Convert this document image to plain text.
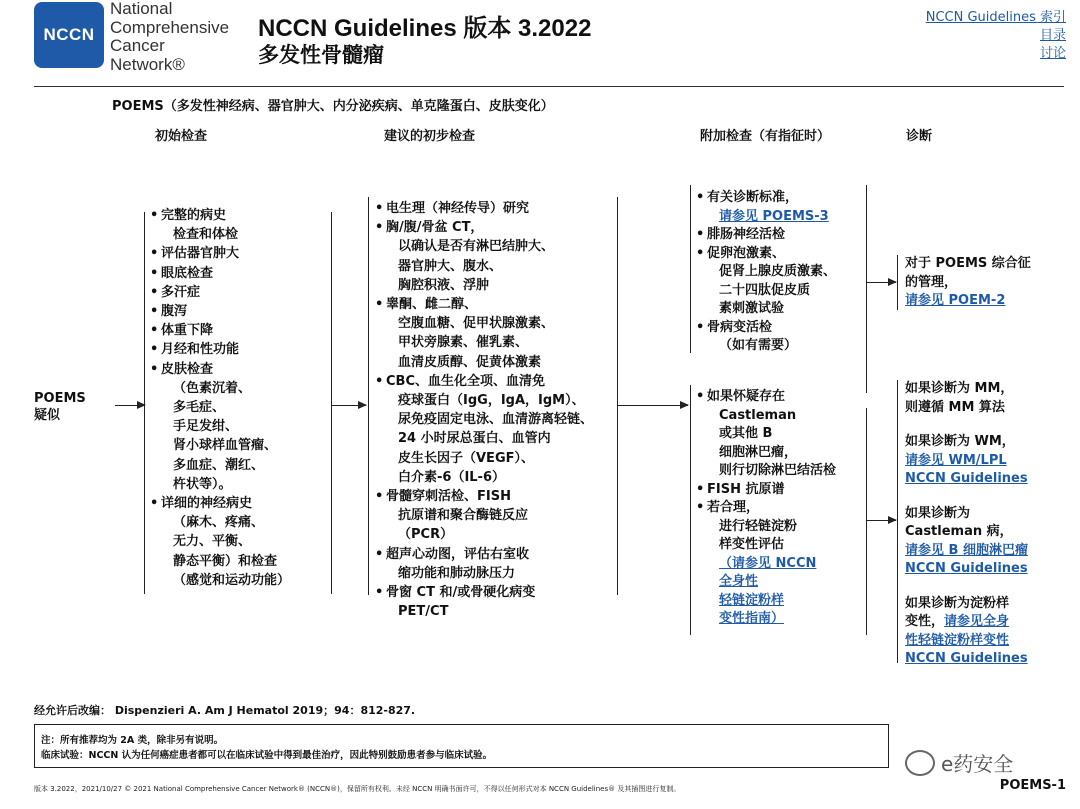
NCCN
National
Comprehensive
Cancer
Network®
NCCN Guidelines 版本 3.2022
多发性骨髓瘤
NCCN Guidelines 索引
目录
讨论
POEMS（多发性神经病、器官肿大、内分泌疾病、单克隆蛋白、皮肤变化）
初始检查	建议的初步检查	附加检查（有指征时）	诊断
POEMS
疑似
• 完整的病史
检查和体检
• 评估器官肿大
• 眼底检查
• 多汗症
• 腹泻
• 体重下降
• 月经和性功能
• 皮肤检查
（色素沉着、
多毛症、
手足发绀、
肾小球样血管瘤、
多血症、潮红、
杵状等）。
• 详细的神经病史
（麻木、疼痛、
无力、平衡、
静态平衡）和检查
（感觉和运动功能）
• 电生理（神经传导）研究
• 胸/腹/骨盆 CT，
以确认是否有淋巴结肿大、
器官肿大、腹水、
胸腔积液、浮肿
• 睾酮、雌二醇、
空腹血糖、促甲状腺激素、
甲状旁腺素、催乳素、
血清皮质醇、促黄体激素
• CBC、血生化全项、血清免
疫球蛋白（IgG，IgA，IgM）、
尿免疫固定电泳、血清游离轻链、
24 小时尿总蛋白、血管内
皮生长因子（VEGF）、
白介素-6（IL-6）
• 骨髓穿刺活检、FISH
抗原谱和聚合酶链反应
（PCR）
• 超声心动图，评估右室收
缩功能和肺动脉压力
• 骨窗 CT 和/或骨硬化病变
PET/CT
• 有关诊断标准，
请参见 POEMS-3
• 腓肠神经活检
• 促卵泡激素、
促肾上腺皮质激素、
二十四肽促皮质
素刺激试验
• 骨病变活检
（如有需要）
• 如果怀疑存在
Castleman
或其他 B
细胞淋巴瘤，
则行切除淋巴结活检
• FISH 抗原谱
• 若合理，
进行轻链淀粉
样变性评估
（请参见 NCCN
全身性
轻链淀粉样
变性指南）
对于 POEMS 综合征
的管理，
请参见 POEM-2
如果诊断为 MM，
则遵循 MM 算法
如果诊断为 WM，
请参见 WM/LPL
NCCN Guidelines
如果诊断为
Castleman 病，
请参见 B 细胞淋巴瘤
NCCN Guidelines
如果诊断为淀粉样
变性，请参见全身
性轻链淀粉样变性
NCCN Guidelines
经允许后改编： Dispenzieri A. Am J Hematol 2019；94：812-827.
注：所有推荐均为 2A 类，除非另有说明。
临床试验：NCCN 认为任何癌症患者都可以在临床试验中得到最佳治疗，因此特别鼓励患者参与临床试验。	e药安全
版本 3.2022，2021/10/27 © 2021 National Comprehensive Cancer Network® (NCCN®)，保留所有权利。未经 NCCN 明确书面许可，不得以任何形式对本 NCCN Guidelines® 及其插图进行复制。	POEMS-1
